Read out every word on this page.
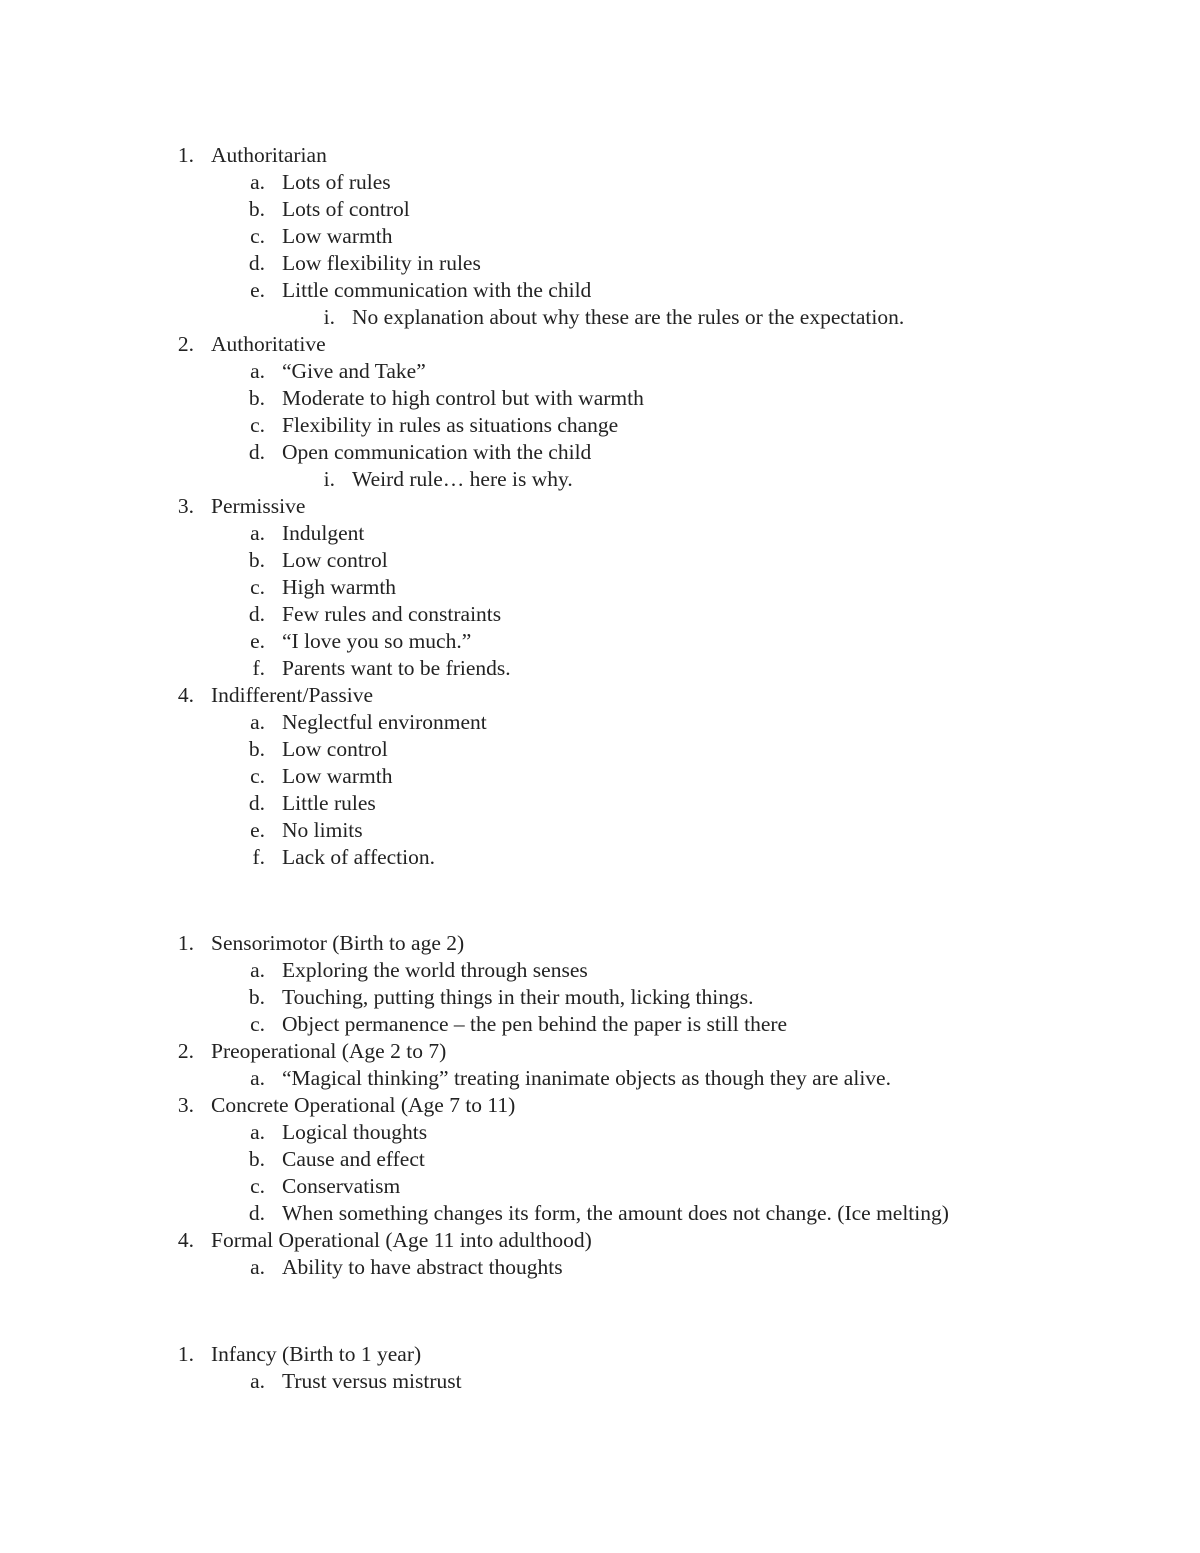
1. Authoritarian
a. Lots of rules
b. Lots of control
c. Low warmth
d. Low flexibility in rules
e. Little communication with the child
i. No explanation about why these are the rules or the expectation.
2. Authoritative
a. “Give and Take”
b. Moderate to high control but with warmth
c. Flexibility in rules as situations change
d. Open communication with the child
i. Weird rule… here is why.
3. Permissive
a. Indulgent
b. Low control
c. High warmth
d. Few rules and constraints
e. “I love you so much.”
f. Parents want to be friends.
4. Indifferent/Passive
a. Neglectful environment
b. Low control
c. Low warmth
d. Little rules
e. No limits
f. Lack of affection.
1. Sensorimotor (Birth to age 2)
a. Exploring the world through senses
b. Touching, putting things in their mouth, licking things.
c. Object permanence – the pen behind the paper is still there
2. Preoperational (Age 2 to 7)
a. “Magical thinking” treating inanimate objects as though they are alive.
3. Concrete Operational (Age 7 to 11)
a. Logical thoughts
b. Cause and effect
c. Conservatism
d. When something changes its form, the amount does not change. (Ice melting)
4. Formal Operational (Age 11 into adulthood)
a. Ability to have abstract thoughts
1. Infancy (Birth to 1 year)
a. Trust versus mistrust
